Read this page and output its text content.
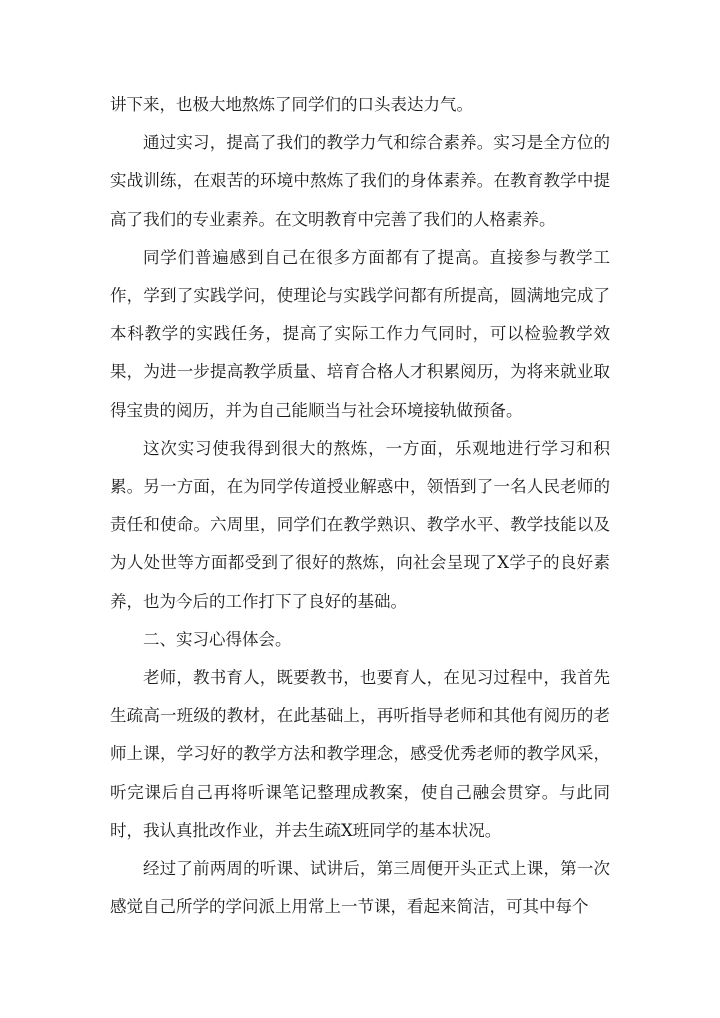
讲下来，也极大地熬炼了同学们的口头表达力气。

通过实习，提高了我们的教学力气和综合素养。实习是全方位的实战训练，在艰苦的环境中熬炼了我们的身体素养。在教育教学中提高了我们的专业素养。在文明教育中完善了我们的人格素养。

同学们普遍感到自己在很多方面都有了提高。直接参与教学工作，学到了实践学问，使理论与实践学问都有所提高，圆满地完成了本科教学的实践任务，提高了实际工作力气同时，可以检验教学效果，为进一步提高教学质量、培育合格人才积累阅历，为将来就业取得宝贵的阅历，并为自己能顺当与社会环境接轨做预备。

这次实习使我得到很大的熬炼，一方面，乐观地进行学习和积累。另一方面，在为同学传道授业解惑中，领悟到了一名人民老师的责任和使命。六周里，同学们在教学熟识、教学水平、教学技能以及为人处世等方面都受到了很好的熬炼，向社会呈现了X学子的良好素养，也为今后的工作打下了良好的基础。

二、实习心得体会。

老师，教书育人，既要教书，也要育人，在见习过程中，我首先生疏高一班级的教材，在此基础上，再听指导老师和其他有阅历的老师上课，学习好的教学方法和教学理念，感受优秀老师的教学风采，听完课后自己再将听课笔记整理成教案，使自己融会贯穿。与此同时，我认真批改作业，并去生疏X班同学的基本状况。

经过了前两周的听课、试讲后，第三周便开头正式上课，第一次感觉自己所学的学问派上用常上一节课，看起来简洁，可其中每个
